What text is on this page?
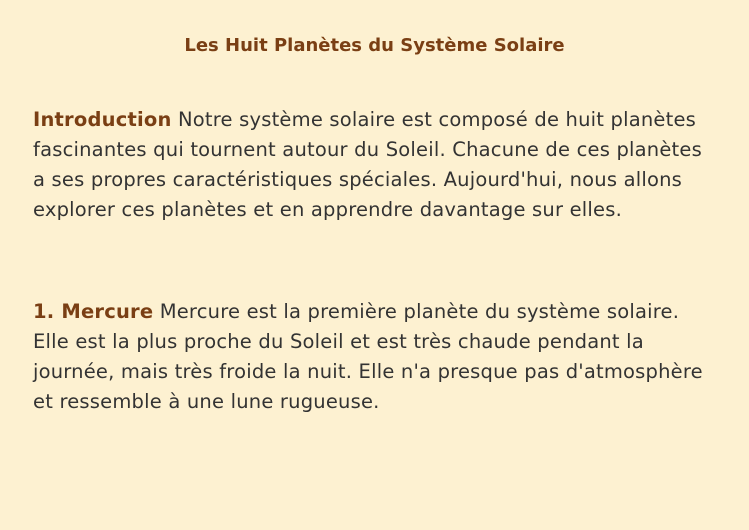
Les Huit Planètes du Système Solaire

Introduction Notre système solaire est composé de huit planètes fascinantes qui tournent autour du Soleil. Chacune de ces planètes a ses propres caractéristiques spéciales. Aujourd'hui, nous allons explorer ces planètes et en apprendre davantage sur elles.

1. Mercure Mercure est la première planète du système solaire. Elle est la plus proche du Soleil et est très chaude pendant la journée, mais très froide la nuit. Elle n'a presque pas d'atmosphère et ressemble à une lune rugueuse.
